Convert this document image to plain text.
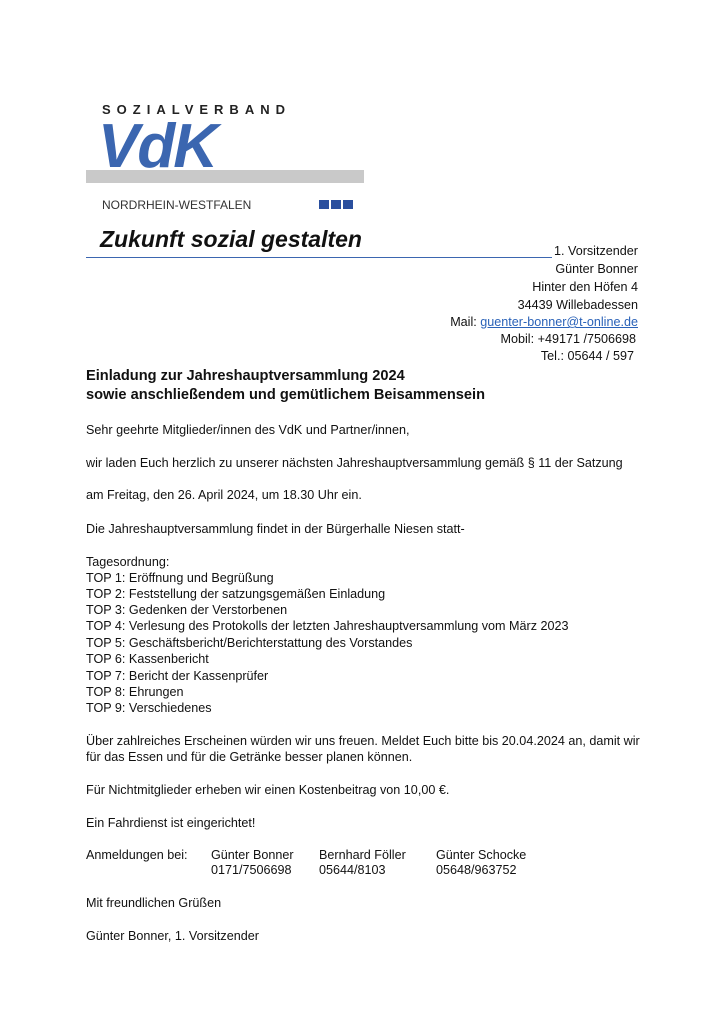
SOZIALVERBAND
VdK
NORDRHEIN-WESTFALEN
Zukunft sozial gestalten	1. Vorsitzender
Günter Bonner
Hinter den Höfen 4
34439 Willebadessen
Mail: guenter-bonner@t-online.de
Mobil: +49171 /7506698
Tel.: 05644 / 597
Einladung zur Jahreshauptversammlung 2024
sowie anschließendem und gemütlichem Beisammensein
Sehr geehrte Mitglieder/innen des VdK und Partner/innen,
wir laden Euch herzlich zu unserer nächsten Jahreshauptversammlung gemäß § 11 der Satzung
am Freitag, den 26. April 2024, um 18.30 Uhr ein.
Die Jahreshauptversammlung findet in der Bürgerhalle Niesen statt-
Tagesordnung:
TOP 1: Eröffnung und Begrüßung
TOP 2: Feststellung der satzungsgemäßen Einladung
TOP 3: Gedenken der Verstorbenen
TOP 4: Verlesung des Protokolls der letzten Jahreshauptversammlung vom März 2023
TOP 5: Geschäftsbericht/Berichterstattung des Vorstandes
TOP 6: Kassenbericht
TOP 7: Bericht der Kassenprüfer
TOP 8: Ehrungen
TOP 9: Verschiedenes
Über zahlreiches Erscheinen würden wir uns freuen. Meldet Euch bitte bis 20.04.2024 an, damit wir
für das Essen und für die Getränke besser planen können.
Für Nichtmitglieder erheben wir einen Kostenbeitrag von 10,00 €.
Ein Fahrdienst ist eingerichtet!
Anmeldungen bei: Günter Bonner
0171/7506698
Bernhard Föller
05644/8103
Günter Schocke
05648/963752
Mit freundlichen Grüßen
Günter Bonner, 1. Vorsitzender
